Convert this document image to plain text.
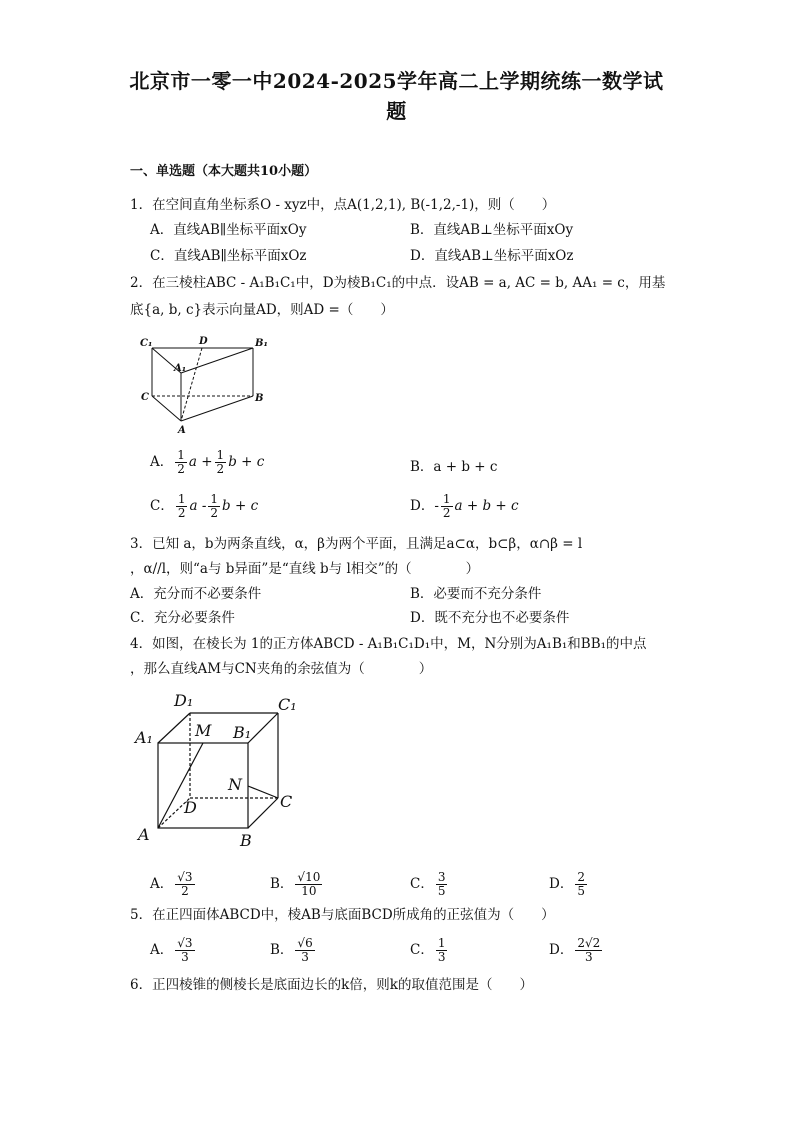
北京市一零一中2024-2025学年高二上学期统练一数学试
题
一、单选题（本大题共10小题）
1．在空间直角坐标系O - xyz中，点A(1,2,1), B(-1,2,-1)，则（　　）
A．直线AB∥坐标平面xOy	B．直线AB⊥坐标平面xOy
C．直线AB∥坐标平面xOz	D．直线AB⊥坐标平面xOz
2．在三棱柱ABC - A₁B₁C₁中，D为棱B₁C₁的中点．设AB = a, AC = b, AA₁ = c，用基
底{a, b, c}表示向量AD，则AD =（　　）
C₁	D	B₁
A₁
C	B
A
A． $\frac{1}{2}$ $a + \frac{1}{2}$ b + c	B．a + b + c
C． $\frac{1}{2}$ a - $\frac{1}{2}$ b + c	D．- $\frac{1}{2}$ a + b + c
3．已知 a，b为两条直线，α，β为两个平面，且满足a⊂α，b⊂β，α∩β = l
，α//l，则“a与 b异面”是“直线 b与 l相交”的（　　　　）
A．充分而不必要条件	B．必要而不充分条件
C．充分必要条件	D．既不充分也不必要条件
4．如图，在棱长为 1的正方体ABCD - A₁B₁C₁D₁中，M，N分别为A₁B₁和BB₁的中点
，那么直线AM与CN夹角的余弦值为（　　　　）
D₁	C₁
A₁	M B₁
N
D	C
A	B
A． $\frac{√3}{2}$	B． $\frac{√10}{10}$	C． $\frac{3}{5}$	D． $\frac{2}{5}$
5．在正四面体ABCD中，棱AB与底面BCD所成角的正弦值为（　　）
A． $\frac{√3}{3}$	B． $\frac{√6}{3}$	C． $\frac{1}{3}$	D． $\frac{2√2}{3}$
6．正四棱锥的侧棱长是底面边长的k倍，则k的取值范围是（　　）
